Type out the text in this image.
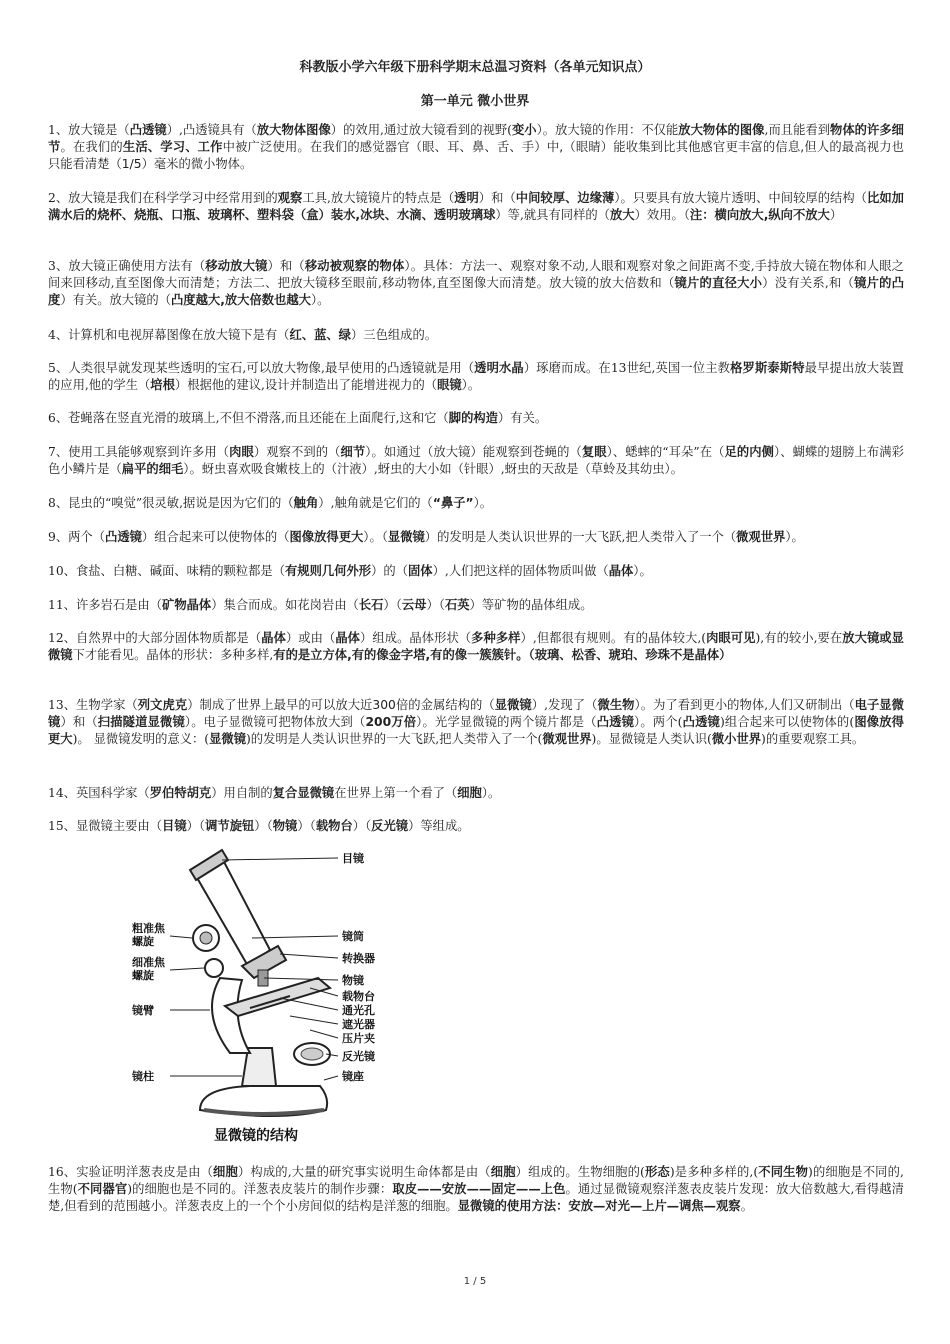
科教版小学六年级下册科学期末总温习资料（各单元知识点）
第一单元 微小世界

1、放大镜是（凸透镜）,凸透镜具有（放大物体图像）的效用,通过放大镜看到的视野(变小）。放大镜的作用：不仅能放大物体的图像,而且能看到物体的许多细节。在我们的生活、学习、工作中被广泛使用。在我们的感觉器官（眼、耳、鼻、舌、手）中,（眼睛）能收集到比其他感官更丰富的信息,但人的最高视力也只能看清楚（1/5）毫米的微小物体。

2、放大镜是我们在科学学习中经常用到的观察工具,放大镜镜片的特点是（透明）和（中间较厚、边缘薄）。只要具有放大镜片透明、中间较厚的结构（比如加满水后的烧杯、烧瓶、口瓶、玻璃杯、塑料袋（盒）装水,冰块、水滴、透明玻璃球）等,就具有同样的（放大）效用。（注：横向放大,纵向不放大）

3、放大镜正确使用方法有（移动放大镜）和（移动被观察的物体）。具体：方法一、观察对象不动,人眼和观察对象之间距离不变,手持放大镜在物体和人眼之间来回移动,直至图像大而清楚；方法二、把放大镜移至眼前,移动物体,直至图像大而清楚。放大镜的放大倍数和（镜片的直径大小）没有关系,和（镜片的凸度）有关。放大镜的（凸度越大,放大倍数也越大）。

4、计算机和电视屏幕图像在放大镜下是有（红、蓝、绿）三色组成的。

5、人类很早就发现某些透明的宝石,可以放大物像,最早使用的凸透镜就是用（透明水晶）琢磨而成。在13世纪,英国一位主教格罗斯泰斯特最早提出放大装置的应用,他的学生（培根）根据他的建议,设计并制造出了能增进视力的（眼镜）。

6、苍蝇落在竖直光滑的玻璃上,不但不滑落,而且还能在上面爬行,这和它（脚的构造）有关。

7、使用工具能够观察到许多用（肉眼）观察不到的（细节）。如通过（放大镜）能观察到苍蝇的（复眼）、蟋蟀的“耳朵”在（足的内侧）、蝴蝶的翅膀上布满彩色小鳞片是（扁平的细毛）。蚜虫喜欢吸食嫩枝上的（汁液）,蚜虫的大小如（针眼）,蚜虫的天敌是（草蛉及其幼虫）。

8、昆虫的“嗅觉”很灵敏,据说是因为它们的（触角）,触角就是它们的（“鼻子”）。

9、两个（凸透镜）组合起来可以使物体的（图像放得更大）。（显微镜）的发明是人类认识世界的一大飞跃,把人类带入了一个（微观世界）。

10、食盐、白糖、碱面、味精的颗粒都是（有规则几何外形）的（固体）,人们把这样的固体物质叫做（晶体）。

11、许多岩石是由（矿物晶体）集合而成。如花岗岩由（长石）（云母）（石英）等矿物的晶体组成。

12、自然界中的大部分固体物质都是（晶体）或由（晶体）组成。晶体形状（多种多样）,但都很有规则。有的晶体较大,(肉眼可见),有的较小,要在放大镜或显微镜下才能看见。晶体的形状：多种多样,有的是立方体,有的像金字塔,有的像一簇簇针。（玻璃、松香、琥珀、珍珠不是晶体）

13、生物学家（列文虎克）制成了世界上最早的可以放大近300倍的金属结构的（显微镜）,发现了（微生物）。为了看到更小的物体,人们又研制出（电子显微镜）和（扫描隧道显微镜）。电子显微镜可把物体放大到（200万倍）。光学显微镜的两个镜片都是（凸透镜）。两个(凸透镜)组合起来可以使物体的(图像放得更大)。 显微镜发明的意义：(显微镜)的发明是人类认识世界的一大飞跃,把人类带入了一个(微观世界)。显微镜是人类认识(微小世界)的重要观察工具。

14、英国科学家（罗伯特胡克）用自制的复合显微镜在世界上第一个看了（细胞）。

15、显微镜主要由（目镜）（调节旋钮）（物镜）（载物台）（反光镜）等组成。

目镜
镜筒
转换器
物镜
载物台
通光孔
遮光器
压片夹
反光镜
镜座
粗准焦螺旋
细准焦螺旋
镜臂
镜柱
显微镜的结构

16、实验证明洋葱表皮是由（细胞）构成的,大量的研究事实说明生命体都是由（细胞）组成的。生物细胞的(形态)是多种多样的,(不同生物)的细胞是不同的,生物(不同器官)的细胞也是不同的。洋葱表皮装片的制作步骤：取皮——安放——固定——上色。通过显微镜观察洋葱表皮装片发现：放大倍数越大,看得越清楚,但看到的范围越小。洋葱表皮上的一个个小房间似的结构是洋葱的细胞。显微镜的使用方法：安放—对光—上片—调焦—观察。

1 / 5
